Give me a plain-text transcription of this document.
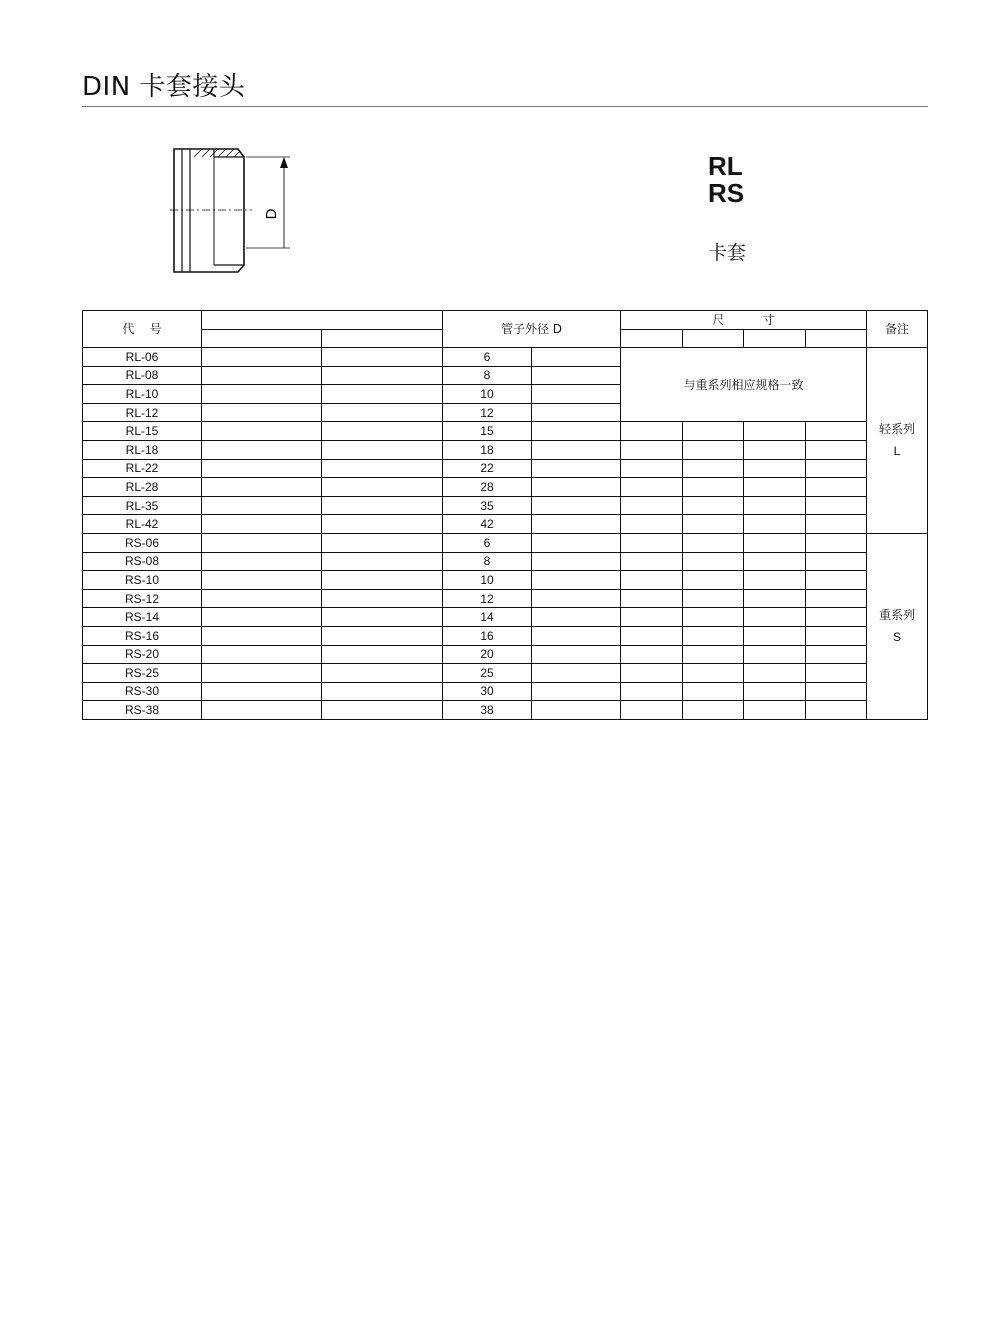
DIN 卡套接头
D
RL
RS
卡套
代    号			管子外径 D		尺          寸				备注

RL-06			6		与重系列相应规格一致				轻系列
L

RL-08			8						
RL-10			10						
RL-12			12						
RL-15			15						
RL-18			18						
RL-22			22						
RL-28			28						
RL-35			35						
RL-42			42						
RS-06			6						重系列
S

RS-08			8						
RS-10			10						
RS-12			12						
RS-14			14						
RS-16			16						
RS-20			20						
RS-25			25						
RS-30			30						
RS-38			38						
